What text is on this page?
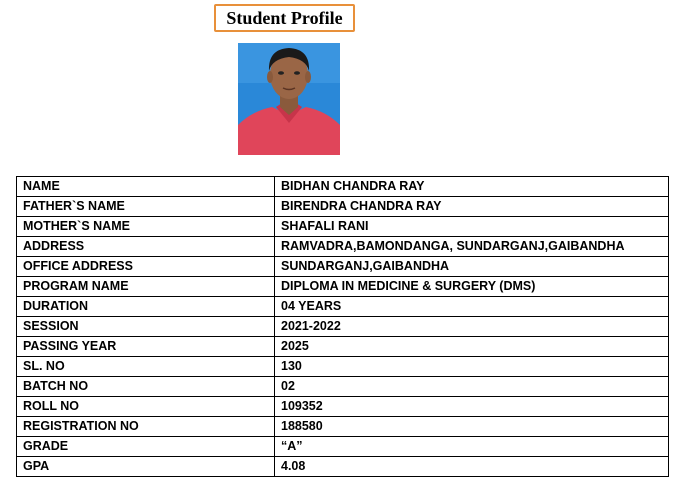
Student Profile
NAME	BIDHAN CHANDRA RAY
FATHER`S NAME	BIRENDRA CHANDRA RAY
MOTHER`S NAME	SHAFALI RANI
ADDRESS	RAMVADRA,BAMONDANGA, SUNDARGANJ,GAIBANDHA
OFFICE ADDRESS	SUNDARGANJ,GAIBANDHA
PROGRAM NAME	DIPLOMA IN MEDICINE & SURGERY (DMS)
DURATION	04 YEARS
SESSION	2021-2022
PASSING YEAR	2025
SL. NO	130
BATCH NO	02
ROLL NO	109352
REGISTRATION NO	188580
GRADE	“A”
GPA	4.08
